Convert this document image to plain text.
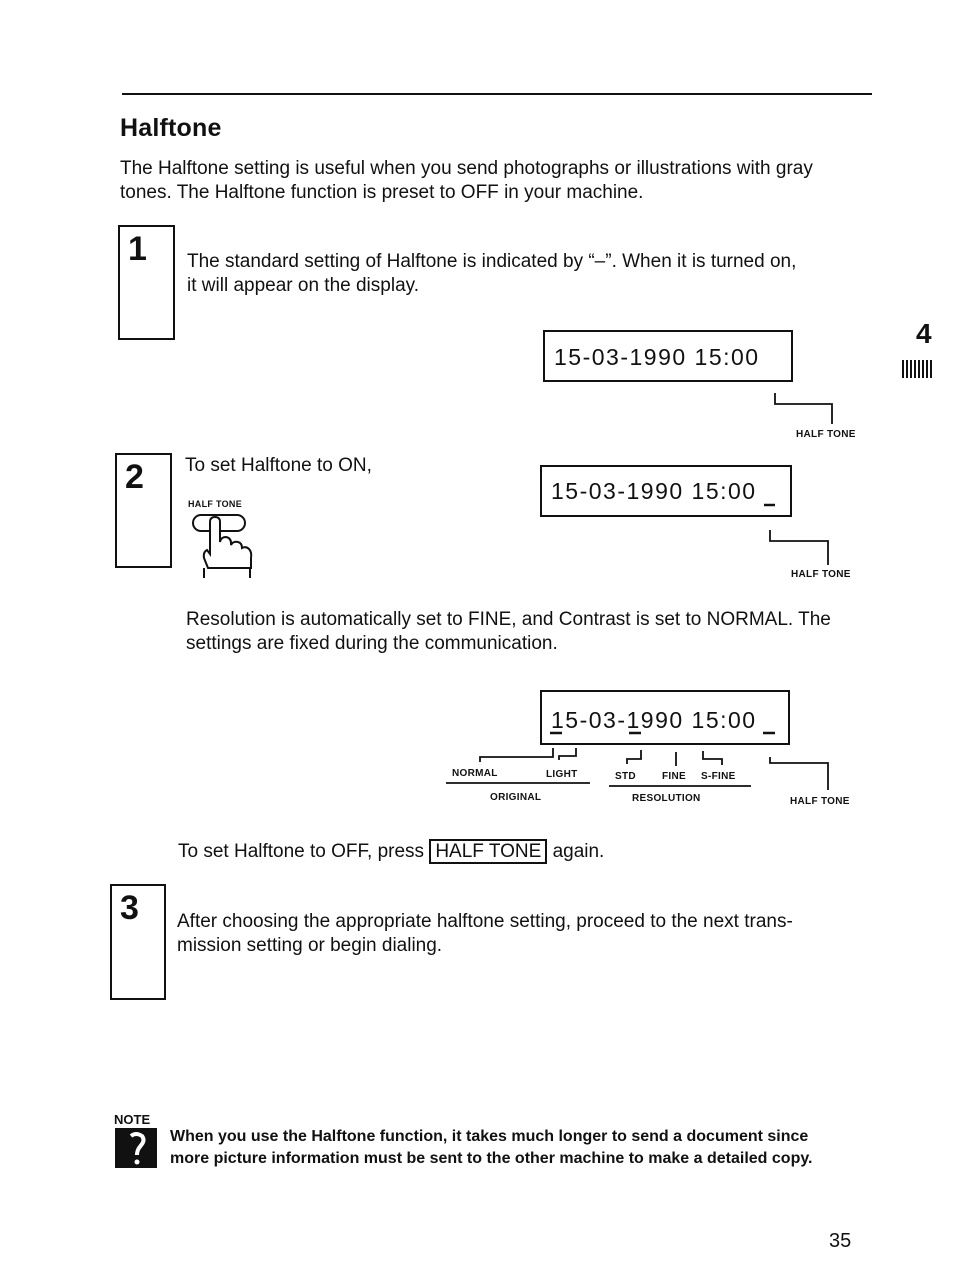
Halftone
The Halftone setting is useful when you send photographs or illustrations with gray
tones. The Halftone function is preset to OFF in your machine.
4
1 The standard setting of Halftone is indicated by “–”. When it is turned on,
it will appear on the display.
15-03-1990 15:00
HALF TONE
2 To set Halftone to ON,
HALF TONE	15-03-1990 15:00
HALF TONE
Resolution is automatically set to FINE, and Contrast is set to NORMAL. The
settings are fixed during the communication.
15-03-1990 15:00
NORMAL	LIGHT
ORIGINAL
STD	FINE S-FINE
RESOLUTION	HALF TONE
To set Halftone to OFF, press HALF TONE again.
3 After choosing the appropriate halftone setting, proceed to the next trans-
mission setting or begin dialing.
NOTE
When you use the Halftone function, it takes much longer to send a document since
more picture information must be sent to the other machine to make a detailed copy.
35
